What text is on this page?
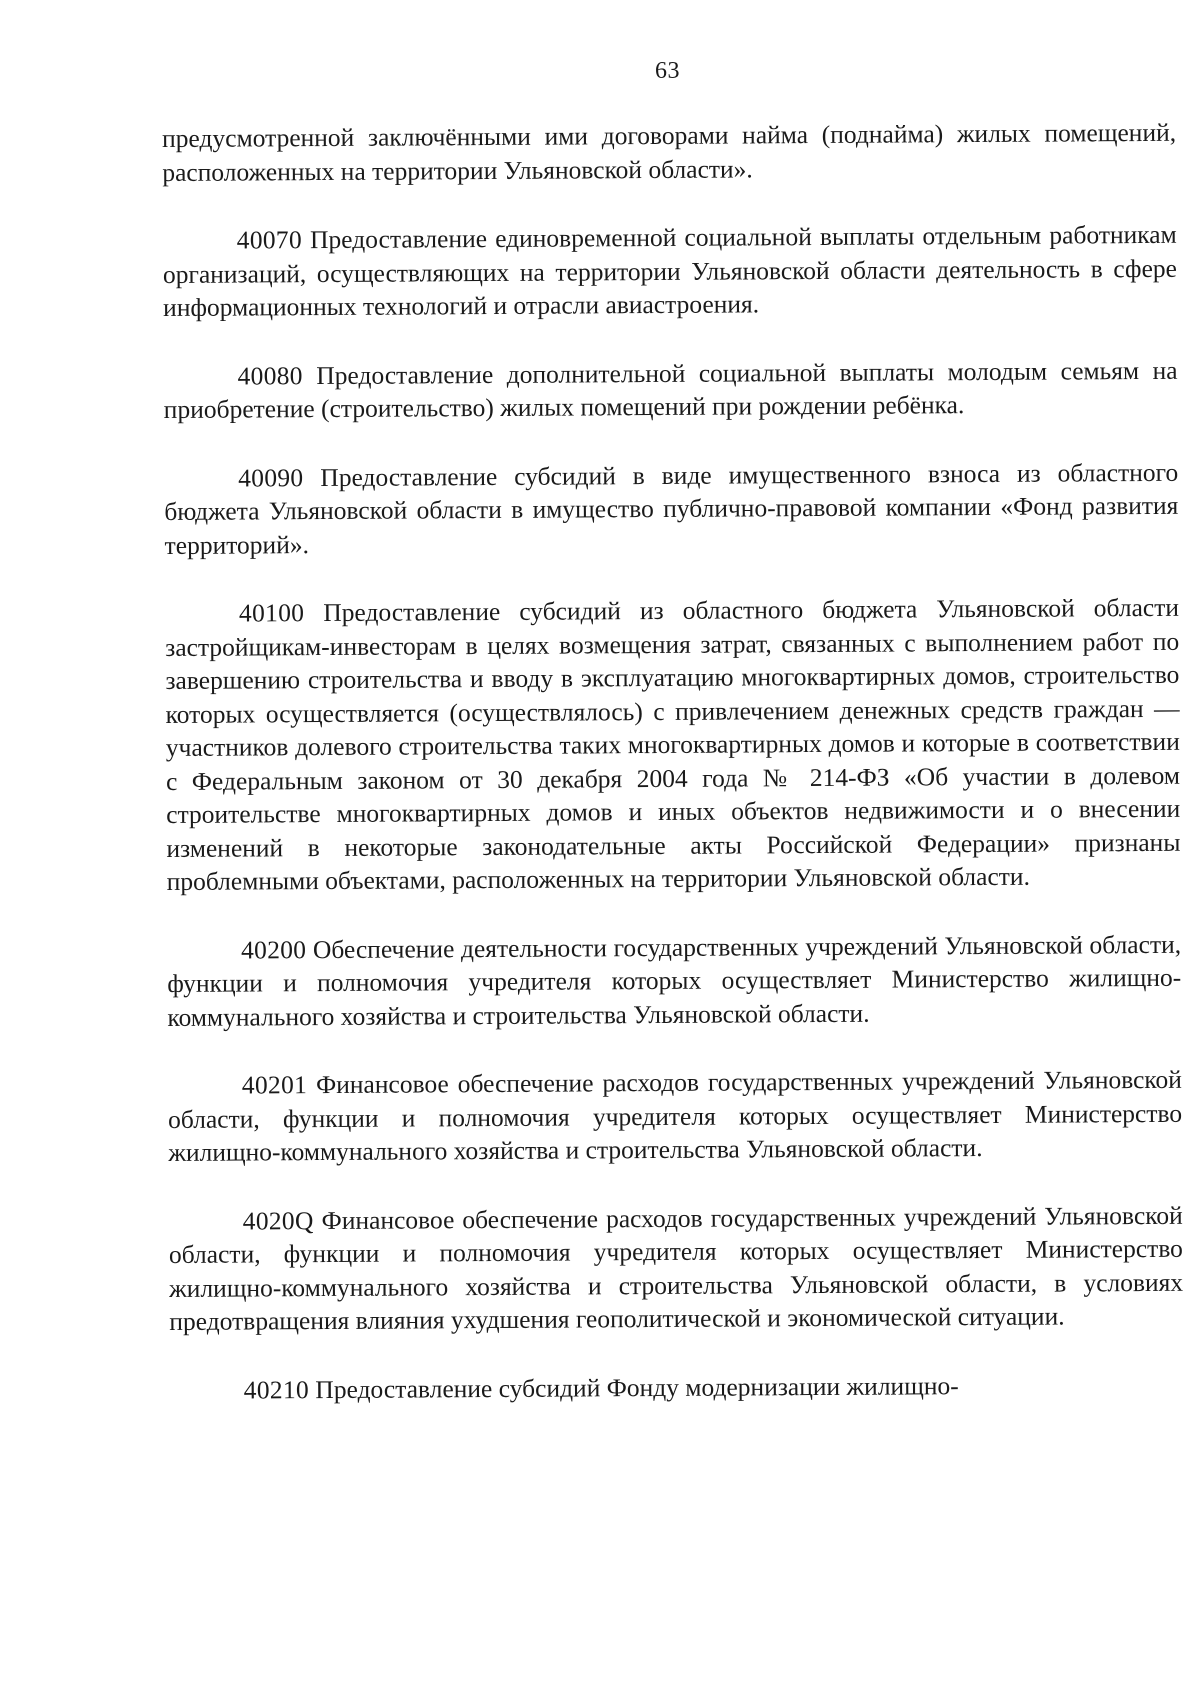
63

предусмотренной заключёнными ими договорами найма (поднайма) жилых помещений, расположенных на территории Ульяновской области».

40070 Предоставление единовременной социальной выплаты отдельным работникам организаций, осуществляющих на территории Ульяновской области деятельность в сфере информационных технологий и отрасли авиастроения.

40080 Предоставление дополнительной социальной выплаты молодым семьям на приобретение (строительство) жилых помещений при рождении ребёнка.

40090 Предоставление субсидий в виде имущественного взноса из областного бюджета Ульяновской области в имущество публично-правовой компании «Фонд развития территорий».

40100 Предоставление субсидий из областного бюджета Ульяновской области застройщикам-инвесторам в целях возмещения затрат, связанных с выполнением работ по завершению строительства и вводу в эксплуатацию многоквартирных домов, строительство которых осуществляется (осуществлялось) с привлечением денежных средств граждан — участников долевого строительства таких многоквартирных домов и которые в соответствии с Федеральным законом от 30 декабря 2004 года № 214-ФЗ «Об участии в долевом строительстве многоквартирных домов и иных объектов недвижимости и о внесении изменений в некоторые законодательные акты Российской Федерации» признаны проблемными объектами, расположенных на территории Ульяновской области.

40200 Обеспечение деятельности государственных учреждений Ульяновской области, функции и полномочия учредителя которых осуществляет Министерство жилищно-коммунального хозяйства и строительства Ульяновской области.

40201 Финансовое обеспечение расходов государственных учреждений Ульяновской области, функции и полномочия учредителя которых осуществляет Министерство жилищно-коммунального хозяйства и строительства Ульяновской области.

4020Q Финансовое обеспечение расходов государственных учреждений Ульяновской области, функции и полномочия учредителя которых осуществляет Министерство жилищно-коммунального хозяйства и строительства Ульяновской области, в условиях предотвращения влияния ухудшения геополитической и экономической ситуации.

40210 Предоставление субсидий Фонду модернизации жилищно-
